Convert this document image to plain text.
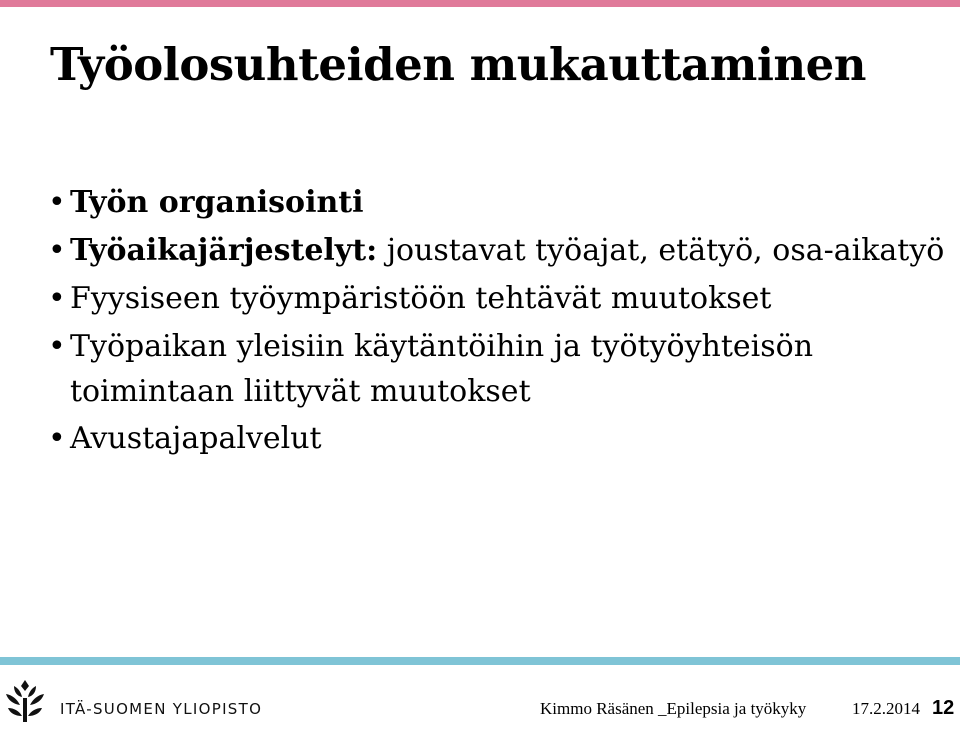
Työolosuhteiden mukauttaminen
• Työn organisointi
• Työaikajärjestelyt: joustavat työajat, etätyö, osa-aikatyö
• Fyysiseen työympäristöön tehtävät muutokset
• Työpaikan yleisiin käytäntöihin ja työtyöyhteisön toimintaan liittyvät muutokset
• Avustajapalvelut
ITÄ-SUOMEN YLIOPISTO	Kimmo Räsänen _Epilepsia ja työkyky	17.2.2014 12
